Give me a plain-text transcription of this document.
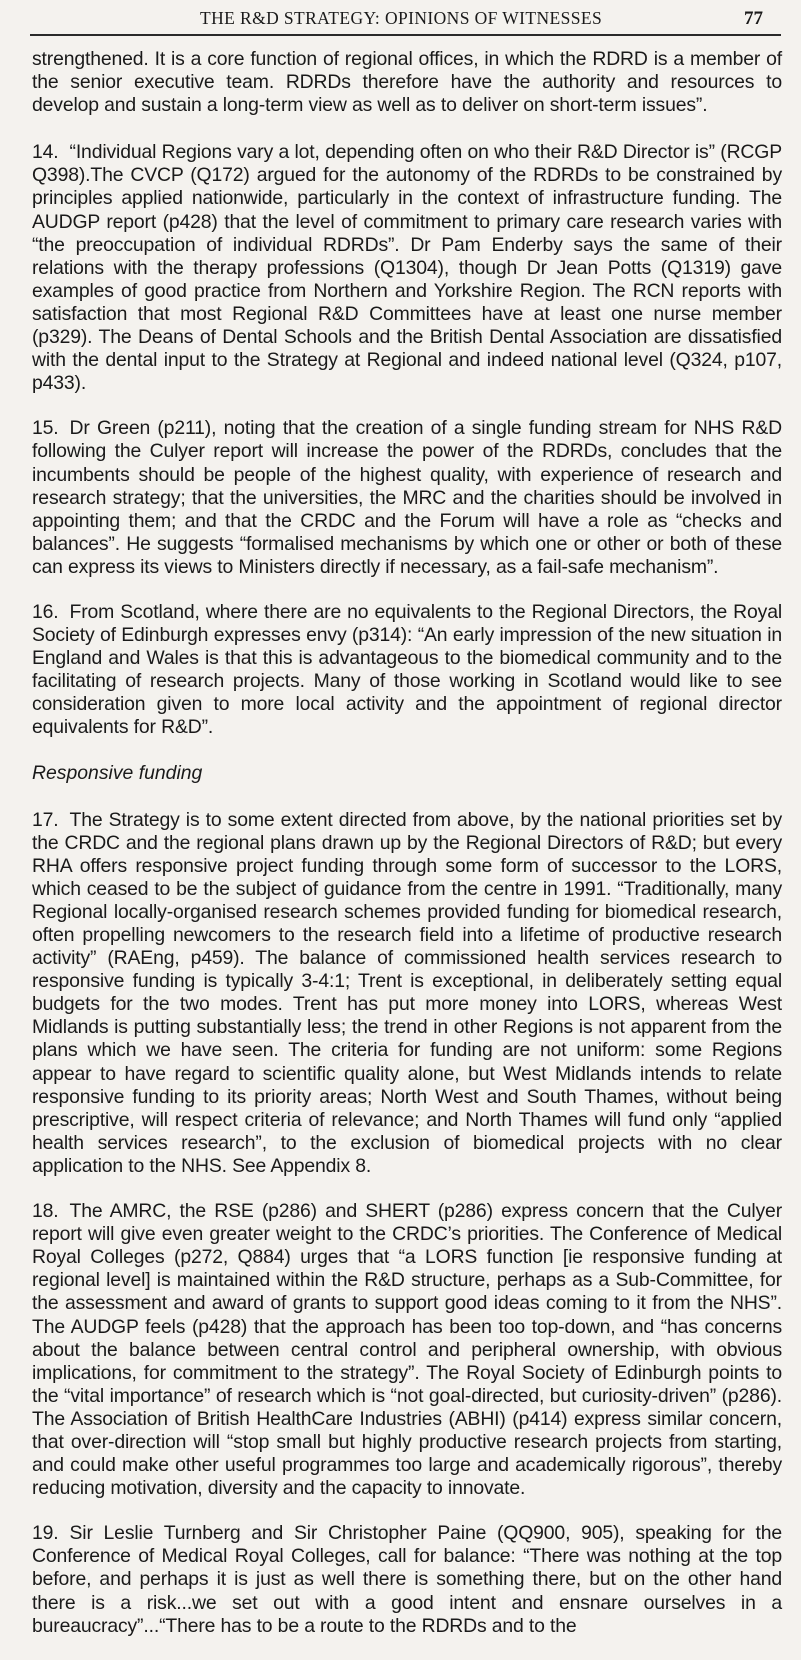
THE R&D STRATEGY: OPINIONS OF WITNESSES	77

strengthened. It is a core function of regional offices, in which the RDRD is a member of the senior executive team. RDRDs therefore have the authority and resources to develop and sustain a long-term view as well as to deliver on short-term issues”.

14. “Individual Regions vary a lot, depending often on who their R&D Director is” (RCGP Q398).The CVCP (Q172) argued for the autonomy of the RDRDs to be constrained by principles applied nationwide, particularly in the context of infrastructure funding. The AUDGP report (p428) that the level of commitment to primary care research varies with “the preoccupation of individual RDRDs”. Dr Pam Enderby says the same of their relations with the therapy professions (Q1304), though Dr Jean Potts (Q1319) gave examples of good practice from Northern and Yorkshire Region. The RCN reports with satisfaction that most Regional R&D Committees have at least one nurse member (p329). The Deans of Dental Schools and the British Dental Association are dissatisfied with the dental input to the Strategy at Regional and indeed national level (Q324, p107, p433).

15. Dr Green (p211), noting that the creation of a single funding stream for NHS R&D following the Culyer report will increase the power of the RDRDs, concludes that the incumbents should be people of the highest quality, with experience of research and research strategy; that the universities, the MRC and the charities should be involved in appointing them; and that the CRDC and the Forum will have a role as “checks and balances”. He suggests “formalised mechanisms by which one or other or both of these can express its views to Ministers directly if necessary, as a fail-safe mechanism”.

16. From Scotland, where there are no equivalents to the Regional Directors, the Royal Society of Edinburgh expresses envy (p314): “An early impression of the new situation in England and Wales is that this is advantageous to the biomedical community and to the facilitating of research projects. Many of those working in Scotland would like to see consideration given to more local activity and the appointment of regional director equivalents for R&D”.

Responsive funding

17. The Strategy is to some extent directed from above, by the national priorities set by the CRDC and the regional plans drawn up by the Regional Directors of R&D; but every RHA offers responsive project funding through some form of successor to the LORS, which ceased to be the subject of guidance from the centre in 1991. “Traditionally, many Regional locally-organised research schemes provided funding for biomedical research, often propelling newcomers to the research field into a lifetime of productive research activity” (RAEng, p459). The balance of commissioned health services research to responsive funding is typically 3-4:1; Trent is exceptional, in deliberately setting equal budgets for the two modes. Trent has put more money into LORS, whereas West Midlands is putting substantially less; the trend in other Regions is not apparent from the plans which we have seen. The criteria for funding are not uniform: some Regions appear to have regard to scientific quality alone, but West Midlands intends to relate responsive funding to its priority areas; North West and South Thames, without being prescriptive, will respect criteria of relevance; and North Thames will fund only “applied health services research”, to the exclusion of biomedical projects with no clear application to the NHS. See Appendix 8.

18. The AMRC, the RSE (p286) and SHERT (p286) express concern that the Culyer report will give even greater weight to the CRDC’s priorities. The Conference of Medical Royal Colleges (p272, Q884) urges that “a LORS function [ie responsive funding at regional level] is maintained within the R&D structure, perhaps as a Sub-Committee, for the assessment and award of grants to support good ideas coming to it from the NHS”. The AUDGP feels (p428) that the approach has been too top-down, and “has concerns about the balance between central control and peripheral ownership, with obvious implications, for commitment to the strategy”. The Royal Society of Edinburgh points to the “vital importance” of research which is “not goal-directed, but curiosity-driven” (p286). The Association of British HealthCare Industries (ABHI) (p414) express similar concern, that over-direction will “stop small but highly productive research projects from starting, and could make other useful programmes too large and academically rigorous”, thereby reducing motivation, diversity and the capacity to innovate.

19. Sir Leslie Turnberg and Sir Christopher Paine (QQ900, 905), speaking for the Conference of Medical Royal Colleges, call for balance: “There was nothing at the top before, and perhaps it is just as well there is something there, but on the other hand there is a risk...we set out with a good intent and ensnare ourselves in a bureaucracy”...“There has to be a route to the RDRDs and to the
